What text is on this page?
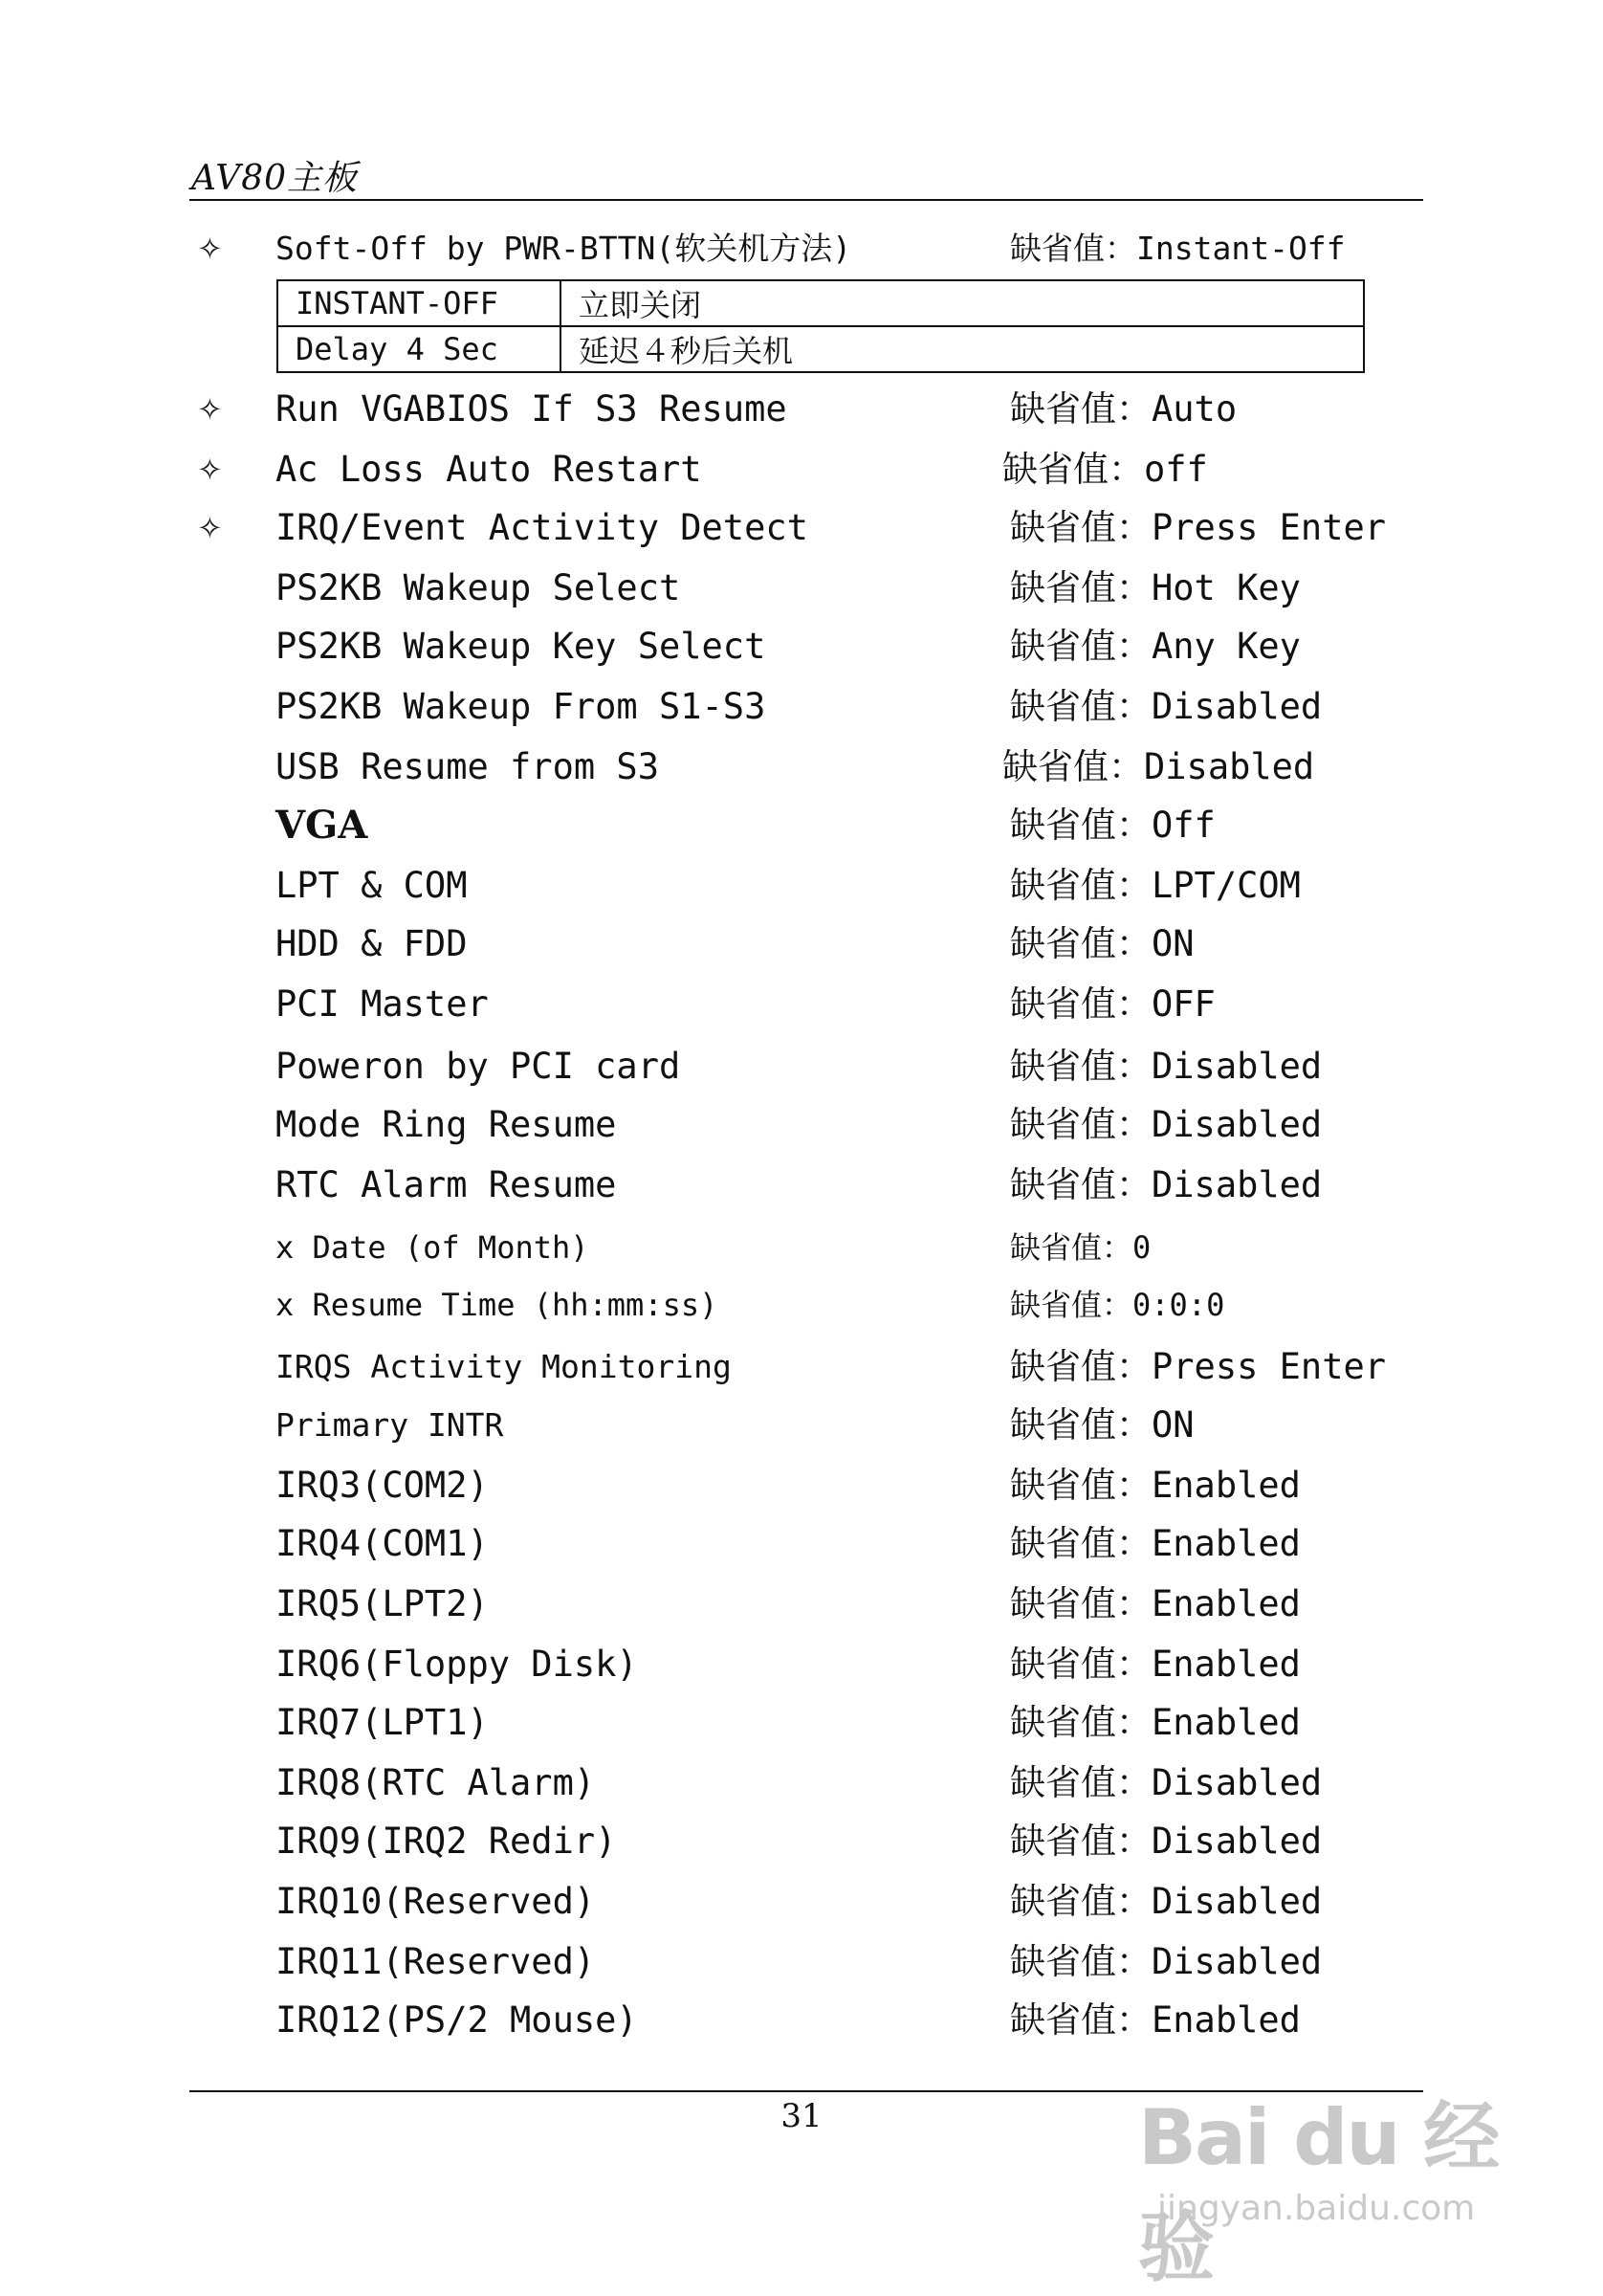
AV80主板
✧ Soft-Off by PWR-BTTN(软关机方法)	缺省值：Instant-Off
INSTANT-OFF	立即关闭
Delay 4 Sec	延迟４秒后关机
✧ Run VGABIOS If S3 Resume	缺省值：Auto
✧ Ac Loss Auto Restart	缺省值：off
✧ IRQ/Event Activity Detect	缺省值：Press Enter
PS2KB Wakeup Select	缺省值：Hot Key
PS2KB Wakeup Key Select	缺省值：Any Key
PS2KB Wakeup From S1-S3	缺省值：Disabled
USB Resume from S3	缺省值：Disabled
VGA	缺省值：Off
LPT & COM	缺省值：LPT/COM
HDD & FDD	缺省值：ON
PCI Master	缺省值：OFF
Poweron by PCI card	缺省值：Disabled
Mode Ring Resume	缺省值：Disabled
RTC Alarm Resume	缺省值：Disabled
x Date (of Month)	缺省值：0
x Resume Time (hh:mm:ss)	缺省值：0:0:0
IRQS Activity Monitoring	缺省值：Press Enter
Primary INTR	缺省值：ON
IRQ3(COM2)	缺省值：Enabled
IRQ4(COM1)	缺省值：Enabled
IRQ5(LPT2)	缺省值：Enabled
IRQ6(Floppy Disk)	缺省值：Enabled
IRQ7(LPT1)	缺省值：Enabled
IRQ8(RTC Alarm)	缺省值：Disabled
IRQ9(IRQ2 Redir)	缺省值：Disabled
IRQ10(Reserved)	缺省值：Disabled
IRQ11(Reserved)	缺省值：Disabled
IRQ12(PS/2 Mouse)	缺省值：Enabled
31	Bai du 经验
jingyan.baidu.com
